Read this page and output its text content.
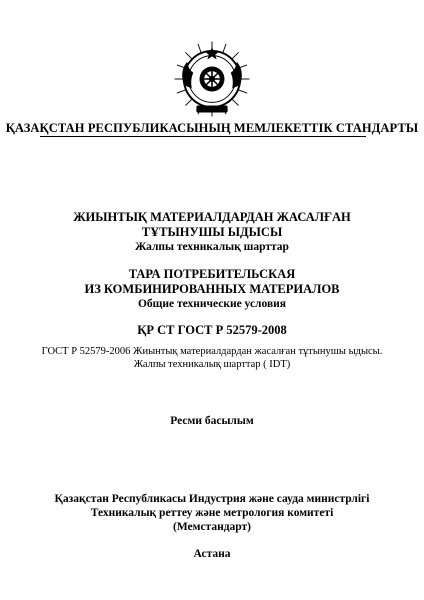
ҚАЗАҚСТАН РЕСПУБЛИКАСЫНЫҢ МЕМЛЕКЕТТІК СТАНДАРТЫ
ЖИЫНТЫҚ МАТЕРИАЛДАРДАН ЖАСАЛҒАН
ТҰТЫНУШЫ ЫДЫСЫ
Жалпы техникалық шарттар
ТАРА ПОТРЕБИТЕЛЬСКАЯ
ИЗ КОМБИНИРОВАННЫХ МАТЕРИАЛОВ
Общие технические условия
ҚР СТ ГОСТ Р 52579-2008
ГОСТ Р 52579-2006 Жиынтық материалдардан жасалған тұтынушы ыдысы.
Жалпы техникалық шарттар ( IDT)
Ресми басылым
Қазақстан Республикасы Индустрия және сауда министрлігі
Техникалық реттеу және метрология комитеті
(Мемстандарт)
Астана
